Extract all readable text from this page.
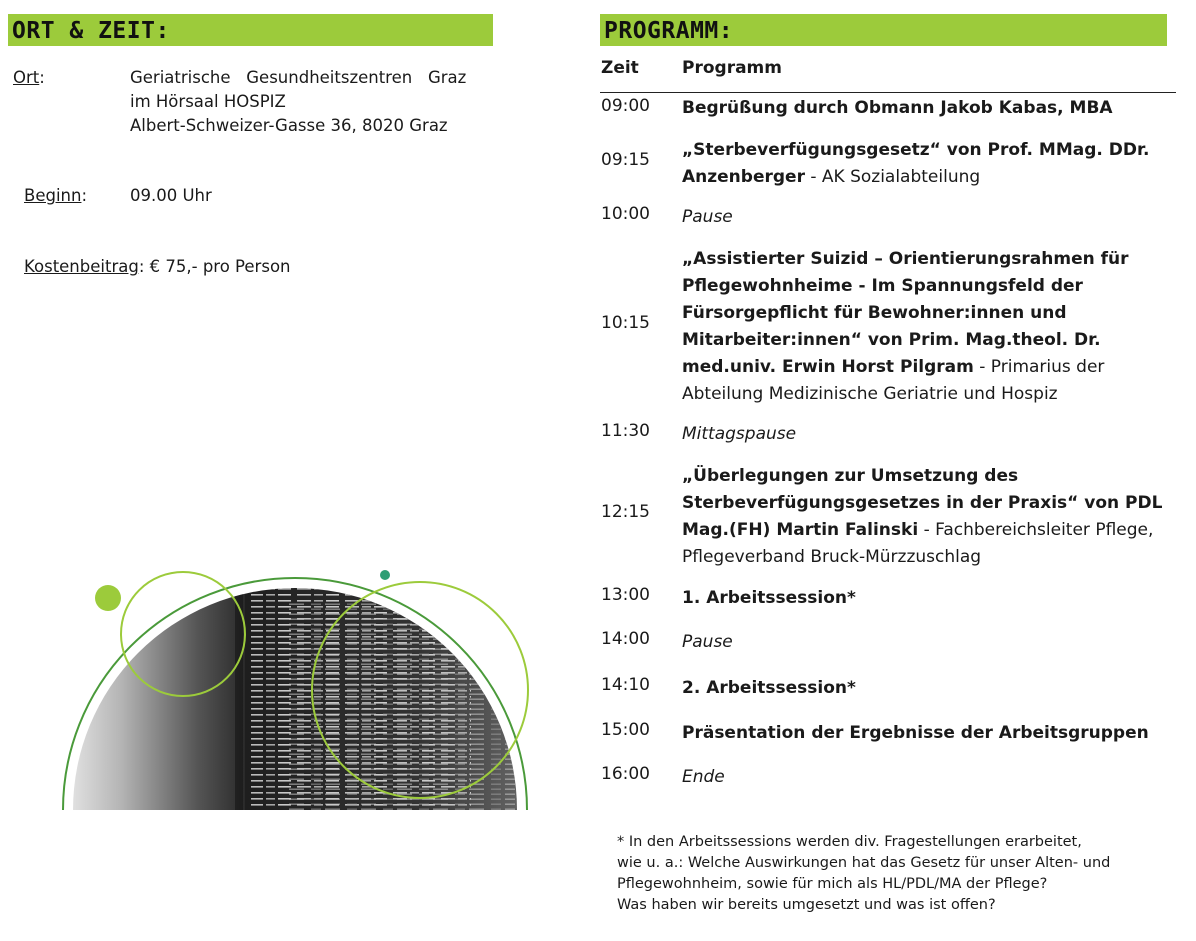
ORT & ZEIT:
Ort:	Geriatrische   Gesundheitszentren   Graz
im Hörsaal HOSPIZ
Albert-Schweizer-Gasse 36, 8020 Graz
Beginn:	09.00 Uhr
Kostenbeitrag: € 75,- pro Person
PROGRAMM:
Zeit	Programm
09:00 Begrüßung durch Obmann Jakob Kabas, MBA
09:15 „Sterbeverfügungsgesetz“ von Prof. MMag. DDr. Anzenberger - AK Sozialabteilung
10:00 Pause
10:15
„Assistierter Suizid – Orientierungsrahmen für Pflegewohnheime - Im Spannungsfeld der Fürsorgepflicht für Bewohner:innen und Mitarbeiter:innen“ von Prim. Mag.theol. Dr. med.univ. Erwin Horst Pilgram - Primarius der Abteilung Medizinische Geriatrie und Hospiz
11:30 Mittagspause
12:15
„Überlegungen zur Umsetzung des Sterbeverfügungsgesetzes in der Praxis“ von PDL Mag.(FH) Martin Falinski - Fachbereichsleiter Pflege, Pflegeverband Bruck-Mürzzuschlag
13:00 1. Arbeitssession*
14:00 Pause
14:10 2. Arbeitssession*
15:00 Präsentation der Ergebnisse der Arbeitsgruppen
16:00 Ende
* In den Arbeitssessions werden div. Fragestellungen erarbeitet,
wie u. a.: Welche Auswirkungen hat das Gesetz für unser Alten- und
Pflegewohnheim, sowie für mich als HL/PDL/MA der Pflege?
Was haben wir bereits umgesetzt und was ist offen?
